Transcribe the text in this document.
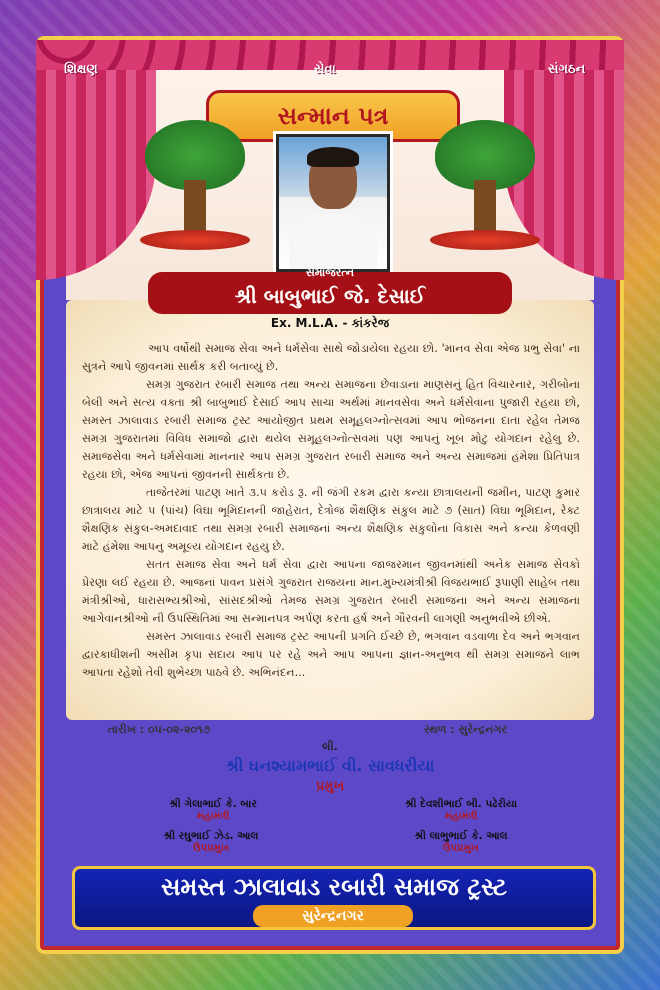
શિક્ષણ	સેવા	સંગઠન
સન્માન પત્ર
સમાજરત્ન
શ્રી બાબુભાઈ જે. દેસાઈ
Ex. M.L.A. - કાંકરેજ

આપ વર્ષોથી સમાજ સેવા અને ધર્મસેવા સાથે જોડાયેલા રહયા છો. 'માનવ સેવા એજ પ્રભુ સેવા' ના સુત્રને આપે જીવનમાં સાર્થક કરી બતાવ્યું છે.

સમગ્ર ગુજરાત રબારી સમાજ તથા અન્ય સમાજના છેવાડાના માણસનું હિત વિચારનાર, ગરીબોના બેલી અને સત્ય વક્તા શ્રી બાબુભાઈ દેસાઈ આપ સાચા અર્થમાં માનવસેવા અને ધર્મસેવાના પુજારી રહયા છો, સમસ્ત ઝાલાવાડ રબારી સમાજ ટ્રસ્ટ આયોજીત પ્રથમ સમૂહલગ્નોત્સવમાં આપ ભોજનના દાતા રહેલ તેમજ સમગ્ર ગુજરાતમાં વિવિધ સમાજો દ્વારા થયેલ સમૂહલગ્નોત્સવમાં પણ આપનું ખૂબ મોટુ યોગદાન રહેલુ છે. સમાજસેવા અને ધર્મસેવામાં માનનાર આપ સમગ્ર ગુજરાત રબારી સમાજ અને અન્ય સમાજમાં હંમેશા પ્રિતિપાત્ર રહયા છો, એજ આપનાં જીવનની સાર્થકતા છે.

તાજેતરમાં પાટણ ખાતે ૩.૫ કરોડ રૂ. ની જંગી રકમ દ્વારા કન્યા છાત્રાલયની જમીન, પાટણ કુમાર છાત્રાલય માટે ૫ (પાંચ) વિઘા ભૂમિદાનની જાહેરાત, દેત્રોજ શૈક્ષણિક સંકુલ માટે ૭ (સાત) વિઘા ભૂમિદાન, રેક્ટ શૈક્ષણિક સંકુલ-અમદાવાદ તથા સમગ્ર રબારી સમાજનાં અન્ય શૈક્ષણિક સંકુલોના વિકાસ અને કન્યા કેળવણી માટે હંમેશા આપનુ અમૂલ્ય યોગદાન રહયુ છે.

સતત સમાજ સેવા અને ધર્મ સેવા દ્વારા આપના જાજરમાન જીવનમાંથી અનેક સમાજ સેવકો પ્રેરણા લઈ રહયા છે. આજનાં પાવન પ્રસંગે ગુજરાત રાજયના માન.મુખ્યમંત્રીશ્રી વિજયભાઈ રૂપાણી સાહેબ તથા મંત્રીશ્રીઓ, ધારાસભ્યશ્રીઓ, સાંસદશ્રીઓ તેમજ સમગ્ર ગુજરાત રબારી સમાજના અને અન્ય સમાજના આગેવાનશ્રીઓ ની ઉપસ્થિતિમાં આ સન્માનપત્ર અર્પણ કરતા હર્ષ અને ગૌરવની લાગણી અનુભવીએ છીએ.

સમસ્ત ઝાલાવાડ રબારી સમાજ ટ્રસ્ટ આપની પ્રગતિ ઈચ્છે છે, ભગવાન વડવાળા દેવ અને ભગવાન દ્વારકાધીશની અસીમ કૃપા સદાય આપ પર રહે અને આપ આપના જ્ઞાન-અનુભવ થી સમગ્ર સમાજને લાભ આપતા રહેશો તેવી શુભેચ્છા પાઠવે છે. અભિનંદન...

તારીખ : ૦૫-૦૨-૨૦૧૭	સ્થળ : સુરેન્દ્રનગર
લી.
શ્રી ઘનશ્યામભાઈ વી. સાવધરીયા
પ્રમુખ
શ્રી ગેલાભાઈ કે. બાર
મહામંત્રી
શ્રી દેવશીભાઈ બી. પઢેરીયા
મહામંત્રી
શ્રી રઘુભાઈ ઝેડ. આલ
ઉપપ્રમુખ
શ્રી લાભુભાઈ કે. આલ
ઉપપ્રમુખ
સમસ્ત ઝાલાવાડ રબારી સમાજ ટ્રસ્ટ
સુરેન્દ્રનગર
